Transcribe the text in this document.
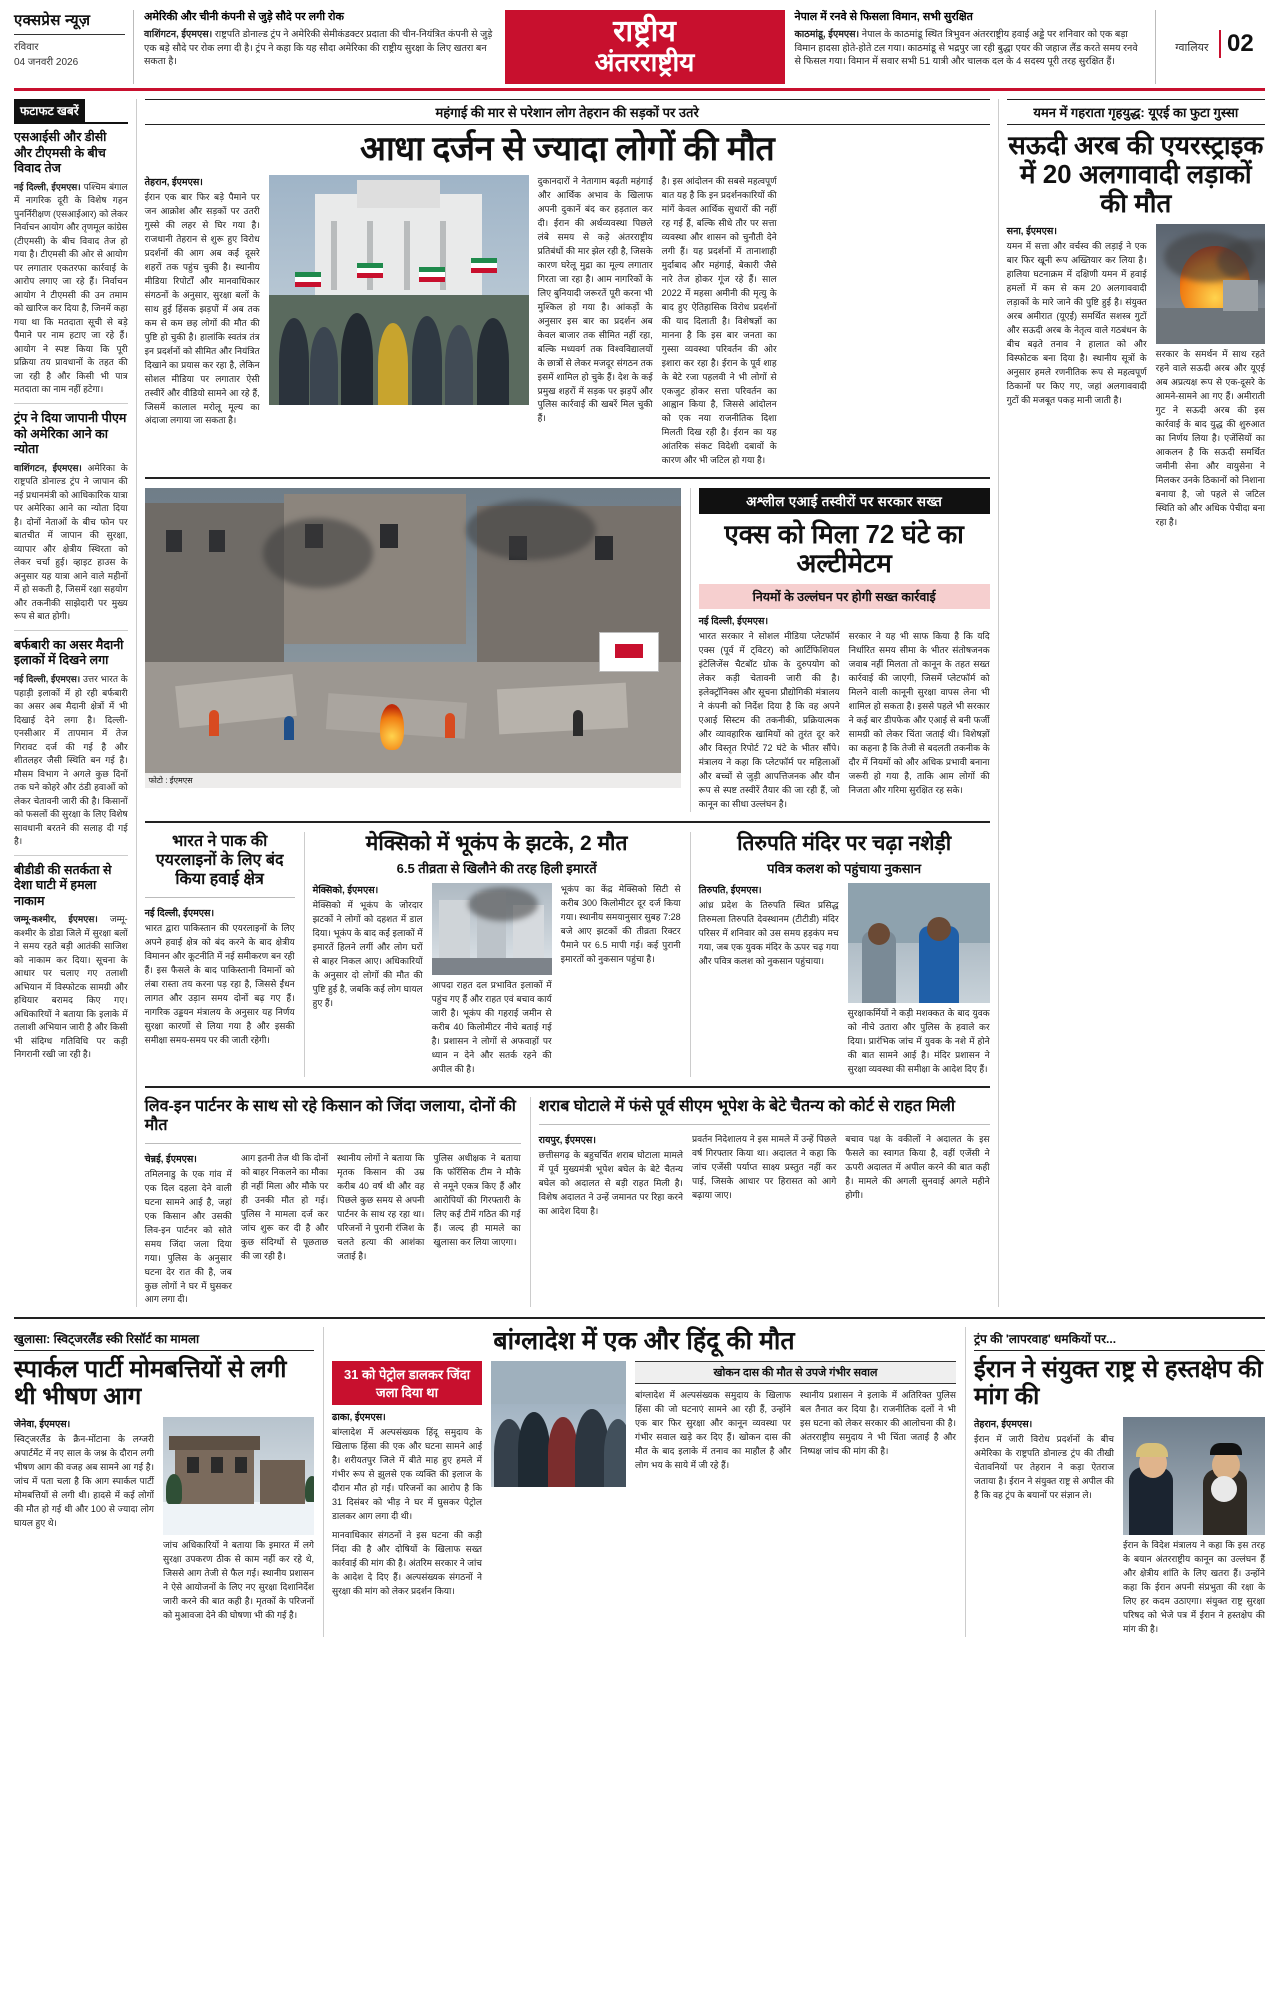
एक्सप्रेस न्यूज़
रविवार
04 जनवरी 2026
अमेरिकी और चीनी कंपनी से जुड़े सौदे पर लगी रोक
वाशिंगटन, ईएमएस। राष्ट्रपति डोनाल्ड ट्रंप ने अमेरिकी सेमीकंडक्टर प्रदाता की चीन-नियंत्रित कंपनी से जुड़े एक बड़े सौदे पर रोक लगा दी है। ट्रंप ने कहा कि यह सौदा अमेरिका की राष्ट्रीय सुरक्षा के लिए खतरा बन सकता है।
राष्ट्रीय
अंतरराष्ट्रीय
नेपाल में रनवे से फिसला विमान, सभी सुरक्षित
काठमांडू, ईएमएस। नेपाल के काठमांडू स्थित त्रिभुवन अंतरराष्ट्रीय हवाई अड्डे पर शनिवार को एक बड़ा विमान हादसा होते-होते टल गया। काठमांडू से भद्रपुर जा रही बुद्धा एयर की जहाज लैंड करते समय रनवे से फिसल गया। विमान में सवार सभी 51 यात्री और चालक दल के 4 सदस्य पूरी तरह सुरक्षित हैं।
ग्वालियर 02
फटाफट खबरें
एसआईसी और डीसी और टीएमसी के बीच विवाद तेज

नई दिल्ली, ईएमएस। पश्चिम बंगाल में नागरिक दूरी के विशेष गहन पुनर्निरीक्षण (एसआईआर) को लेकर निर्वाचन आयोग और तृणमूल कांग्रेस (टीएमसी) के बीच विवाद तेज हो गया है। टीएमसी की ओर से आयोग पर लगातार एकतरफा कार्रवाई के आरोप लगाए जा रहे हैं। निर्वाचन आयोग ने टीएमसी की उन तमाम को खारिज कर दिया है, जिनमें कहा गया था कि मतदाता सूची से बड़े पैमाने पर नाम हटाए जा रहे हैं। आयोग ने स्पष्ट किया कि पूरी प्रक्रिया तय प्रावधानों के तहत की जा रही है और किसी भी पात्र मतदाता का नाम नहीं हटेगा।

ट्रंप ने दिया जापानी पीएम को अमेरिका आने का न्योता

वाशिंगटन, ईएमएस। अमेरिका के राष्ट्रपति डोनाल्ड ट्रंप ने जापान की नई प्रधानमंत्री को आधिकारिक यात्रा पर अमेरिका आने का न्योता दिया है। दोनों नेताओं के बीच फोन पर बातचीत में जापान की सुरक्षा, व्यापार और क्षेत्रीय स्थिरता को लेकर चर्चा हुई। व्हाइट हाउस के अनुसार यह यात्रा आने वाले महीनों में हो सकती है, जिसमें रक्षा सहयोग और तकनीकी साझेदारी पर मुख्य रूप से बात होगी।

बर्फबारी का असर मैदानी इलाकों में दिखने लगा

नई दिल्ली, ईएमएस। उत्तर भारत के पहाड़ी इलाकों में हो रही बर्फबारी का असर अब मैदानी क्षेत्रों में भी दिखाई देने लगा है। दिल्ली-एनसीआर में तापमान में तेज गिरावट दर्ज की गई है और शीतलहर जैसी स्थिति बन गई है। मौसम विभाग ने अगले कुछ दिनों तक घने कोहरे और ठंडी हवाओं को लेकर चेतावनी जारी की है। किसानों को फसलों की सुरक्षा के लिए विशेष सावधानी बरतने की सलाह दी गई है।

बीडीडी की सतर्कता से देशा घाटी में हमला नाकाम

जम्मू-कश्मीर, ईएमएस। जम्मू-कश्मीर के डोडा जिले में सुरक्षा बलों ने समय रहते बड़ी आतंकी साजिश को नाकाम कर दिया। सूचना के आधार पर चलाए गए तलाशी अभियान में विस्फोटक सामग्री और हथियार बरामद किए गए। अधिकारियों ने बताया कि इलाके में तलाशी अभियान जारी है और किसी भी संदिग्ध गतिविधि पर कड़ी निगरानी रखी जा रही है।

महंगाई की मार से परेशान लोग तेहरान की सड़कों पर उतरे
आधा दर्जन से ज्यादा लोगों की मौत
तेहरान, ईएमएस।

ईरान एक बार फिर बड़े पैमाने पर जन आक्रोश और सड़कों पर उतरी गुस्से की लहर से घिर गया है। राजधानी तेहरान से शुरू हुए विरोध प्रदर्शनों की आग अब कई दूसरे शहरों तक पहुंच चुकी है। स्थानीय मीडिया रिपोर्टों और मानवाधिकार संगठनों के अनुसार, सुरक्षा बलों के साथ हुई हिंसक झड़पों में अब तक कम से कम छह लोगों की मौत की पुष्टि हो चुकी है। हालांकि स्वतंत्र तंत्र इन प्रदर्शनों को सीमित और नियंत्रित दिखाने का प्रयास कर रहा है, लेकिन सोशल मीडिया पर लगातार ऐसी तस्वीरें और वीडियो सामने आ रहे हैं, जिसमें कालाल मरोलू मूल्य का अंदाजा लगाया जा सकता है।

दुकानदारों ने नेतागाम बढ़ती महंगाई और आर्थिक अभाव के खिलाफ अपनी दुकानें बंद कर हड़ताल कर दी। ईरान की अर्थव्यवस्था पिछले लंबे समय से कड़े अंतरराष्ट्रीय प्रतिबंधों की मार झेल रही है, जिसके कारण घरेलू मुद्रा का मूल्य लगातार गिरता जा रहा है। आम नागरिकों के लिए बुनियादी जरूरतें पूरी करना भी मुश्किल हो गया है। आंकड़ों के अनुसार इस बार का प्रदर्शन अब केवल बाजार तक सीमित नहीं रहा, बल्कि मध्यवर्ग तक विश्वविद्यालयों के छात्रों से लेकर मजदूर संगठन तक इसमें शामिल हो चुके हैं। देश के कई प्रमुख शहरों में सड़क पर झड़पें और पुलिस कार्रवाई की खबरें मिल चुकी हैं।

है। इस आंदोलन की सबसे महत्वपूर्ण बात यह है कि इन प्रदर्शनकारियों की मांगें केवल आर्थिक सुधारों की नहीं रह गई हैं, बल्कि सीधे तौर पर सत्ता व्यवस्था और शासन को चुनौती देने लगी हैं। यह प्रदर्शनों में तानाशाही मुर्दाबाद और महंगाई, बेकारी जैसे नारे तेज होकर गूंज रहे हैं। साल 2022 में महसा अमीनी की मृत्यु के बाद हुए ऐतिहासिक विरोध प्रदर्शनों की याद दिलाती है। विशेषज्ञों का मानना है कि इस बार जनता का गुस्सा व्यवस्था परिवर्तन की ओर इशारा कर रहा है। ईरान के पूर्व शाह के बेटे रजा पहलवी ने भी लोगों से एकजुट होकर सत्ता परिवर्तन का आह्वान किया है, जिससे आंदोलन को एक नया राजनीतिक दिशा मिलती दिख रही है। ईरान का यह आंतरिक संकट विदेशी दबावों के कारण और भी जटिल हो गया है।

फोटो : ईएमएस
अश्लील एआई तस्वीरों पर सरकार सख्त
एक्स को मिला 72 घंटे का अल्टीमेटम
नियमों के उल्लंघन पर होगी सख्त कार्रवाई
नई दिल्ली, ईएमएस।

भारत सरकार ने सोशल मीडिया प्लेटफॉर्म एक्स (पूर्व में ट्विटर) को आर्टिफिशियल इंटेलिजेंस चैटबॉट ग्रोक के दुरुपयोग को लेकर कड़ी चेतावनी जारी की है। इलेक्ट्रॉनिक्स और सूचना प्रौद्योगिकी मंत्रालय ने कंपनी को निर्देश दिया है कि वह अपने एआई सिस्टम की तकनीकी, प्रक्रियात्मक और व्यावहारिक खामियों को तुरंत दूर करे और विस्तृत रिपोर्ट 72 घंटे के भीतर सौंपे। मंत्रालय ने कहा कि प्लेटफॉर्म पर महिलाओं और बच्चों से जुड़ी आपत्तिजनक और यौन रूप से स्पष्ट तस्वीरें तैयार की जा रही हैं, जो कानून का सीधा उल्लंघन है।

सरकार ने यह भी साफ किया है कि यदि निर्धारित समय सीमा के भीतर संतोषजनक जवाब नहीं मिलता तो कानून के तहत सख्त कार्रवाई की जाएगी, जिसमें प्लेटफॉर्म को मिलने वाली कानूनी सुरक्षा वापस लेना भी शामिल हो सकता है। इससे पहले भी सरकार ने कई बार डीपफेक और एआई से बनी फर्जी सामग्री को लेकर चिंता जताई थी। विशेषज्ञों का कहना है कि तेजी से बदलती तकनीक के दौर में नियमों को और अधिक प्रभावी बनाना जरूरी हो गया है, ताकि आम लोगों की निजता और गरिमा सुरक्षित रह सके।

भारत ने पाक की एयरलाइनों के लिए बंद किया हवाई क्षेत्र
नई दिल्ली, ईएमएस।

भारत द्वारा पाकिस्तान की एयरलाइनों के लिए अपने हवाई क्षेत्र को बंद करने के बाद क्षेत्रीय विमानन और कूटनीति में नई समीकरण बन रही हैं। इस फैसले के बाद पाकिस्तानी विमानों को लंबा रास्ता तय करना पड़ रहा है, जिससे ईंधन लागत और उड़ान समय दोनों बढ़ गए हैं। नागरिक उड्डयन मंत्रालय के अनुसार यह निर्णय सुरक्षा कारणों से लिया गया है और इसकी समीक्षा समय-समय पर की जाती रहेगी।

मेक्सिको में भूकंप के झटके, 2 मौत
6.5 तीव्रता से खिलौने की तरह हिली इमारतें
मेक्सिको, ईएमएस।

मेक्सिको में भूकंप के जोरदार झटकों ने लोगों को दहशत में डाल दिया। भूकंप के बाद कई इलाकों में इमारतें हिलने लगीं और लोग घरों से बाहर निकल आए। अधिकारियों के अनुसार दो लोगों की मौत की पुष्टि हुई है, जबकि कई लोग घायल हुए हैं।

आपदा राहत दल प्रभावित इलाकों में पहुंच गए हैं और राहत एवं बचाव कार्य जारी है। भूकंप की गहराई जमीन से करीब 40 किलोमीटर नीचे बताई गई है। प्रशासन ने लोगों से अफवाहों पर ध्यान न देने और सतर्क रहने की अपील की है।

भूकंप का केंद्र मेक्सिको सिटी से करीब 300 किलोमीटर दूर दर्ज किया गया। स्थानीय समयानुसार सुबह 7:28 बजे आए झटकों की तीव्रता रिक्टर पैमाने पर 6.5 मापी गई। कई पुरानी इमारतों को नुकसान पहुंचा है।

तिरुपति मंदिर पर चढ़ा नशेड़ी
पवित्र कलश को पहुंचाया नुकसान
तिरुपति, ईएमएस।

आंध्र प्रदेश के तिरुपति स्थित प्रसिद्ध तिरुमला तिरुपति देवस्थानम (टीटीडी) मंदिर परिसर में शनिवार को उस समय हड़कंप मच गया, जब एक युवक मंदिर के ऊपर चढ़ गया और पवित्र कलश को नुकसान पहुंचाया।

सुरक्षाकर्मियों ने कड़ी मशक्कत के बाद युवक को नीचे उतारा और पुलिस के हवाले कर दिया। प्रारंभिक जांच में युवक के नशे में होने की बात सामने आई है। मंदिर प्रशासन ने सुरक्षा व्यवस्था की समीक्षा के आदेश दिए हैं।

लिव-इन पार्टनर के साथ सो रहे किसान को जिंदा जलाया, दोनों की मौत
चेन्नई, ईएमएस।

तमिलनाडु के एक गांव में एक दिल दहला देने वाली घटना सामने आई है, जहां एक किसान और उसकी लिव-इन पार्टनर को सोते समय जिंदा जला दिया गया। पुलिस के अनुसार घटना देर रात की है, जब कुछ लोगों ने घर में घुसकर आग लगा दी।

आग इतनी तेज थी कि दोनों को बाहर निकलने का मौका ही नहीं मिला और मौके पर ही उनकी मौत हो गई। पुलिस ने मामला दर्ज कर जांच शुरू कर दी है और कुछ संदिग्धों से पूछताछ की जा रही है।

स्थानीय लोगों ने बताया कि मृतक किसान की उम्र करीब 40 वर्ष थी और वह पिछले कुछ समय से अपनी पार्टनर के साथ रह रहा था। परिजनों ने पुरानी रंजिश के चलते हत्या की आशंका जताई है।

पुलिस अधीक्षक ने बताया कि फॉरेंसिक टीम ने मौके से नमूने एकत्र किए हैं और आरोपियों की गिरफ्तारी के लिए कई टीमें गठित की गई हैं। जल्द ही मामले का खुलासा कर लिया जाएगा।

शराब घोटाले में फंसे पूर्व सीएम भूपेश के बेटे चैतन्य को कोर्ट से राहत मिली
रायपुर, ईएमएस।

छत्तीसगढ़ के बहुचर्चित शराब घोटाला मामले में पूर्व मुख्यमंत्री भूपेश बघेल के बेटे चैतन्य बघेल को अदालत से बड़ी राहत मिली है। विशेष अदालत ने उन्हें जमानत पर रिहा करने का आदेश दिया है।

प्रवर्तन निदेशालय ने इस मामले में उन्हें पिछले वर्ष गिरफ्तार किया था। अदालत ने कहा कि जांच एजेंसी पर्याप्त साक्ष्य प्रस्तुत नहीं कर पाई, जिसके आधार पर हिरासत को आगे बढ़ाया जाए।

बचाव पक्ष के वकीलों ने अदालत के इस फैसले का स्वागत किया है, वहीं एजेंसी ने ऊपरी अदालत में अपील करने की बात कही है। मामले की अगली सुनवाई अगले महीने होगी।

यमन में गहराता गृहयुद्ध: यूएई का फुटा गुस्सा
सऊदी अरब की एयरस्ट्राइक में 20 अलगावादी लड़ाकों की मौत
सना, ईएमएस।

यमन में सत्ता और वर्चस्व की लड़ाई ने एक बार फिर खूनी रूप अख्तियार कर लिया है। हालिया घटनाक्रम में दक्षिणी यमन में हवाई हमलों में कम से कम 20 अलगाववादी लड़ाकों के मारे जाने की पुष्टि हुई है। संयुक्त अरब अमीरात (यूएई) समर्थित सशस्त्र गुटों और सऊदी अरब के नेतृत्व वाले गठबंधन के बीच बढ़ते तनाव ने हालात को और विस्फोटक बना दिया है। स्थानीय सूत्रों के अनुसार हमले रणनीतिक रूप से महत्वपूर्ण ठिकानों पर किए गए, जहां अलगाववादी गुटों की मजबूत पकड़ मानी जाती है।

सरकार के समर्थन में साथ रहते रहने वाले सऊदी अरब और यूएई अब अप्रत्यक्ष रूप से एक-दूसरे के आमने-सामने आ गए हैं। अमीराती गुट ने सऊदी अरब की इस कार्रवाई के बाद युद्ध की शुरुआत का निर्णय लिया है। एजेंसियों का आकलन है कि सऊदी समर्थित जमीनी सेना और वायुसेना ने मिलकर उनके ठिकानों को निशाना बनाया है, जो पहले से जटिल स्थिति को और अधिक पेचीदा बना रहा है।

खुलासा: स्विट्जरलैंड स्की रिसॉर्ट का मामला
स्पार्कल पार्टी मोमबत्तियों से लगी थी भीषण आग
जेनेवा, ईएमएस।

स्विट्जरलैंड के क्रैन-मोंटाना के लग्जरी अपार्टमेंट में नए साल के जश्न के दौरान लगी भीषण आग की वजह अब सामने आ गई है। जांच में पता चला है कि आग स्पार्कल पार्टी मोमबत्तियों से लगी थी। हादसे में कई लोगों की मौत हो गई थी और 100 से ज्यादा लोग घायल हुए थे।

जांच अधिकारियों ने बताया कि इमारत में लगे सुरक्षा उपकरण ठीक से काम नहीं कर रहे थे, जिससे आग तेजी से फैल गई। स्थानीय प्रशासन ने ऐसे आयोजनों के लिए नए सुरक्षा दिशानिर्देश जारी करने की बात कही है। मृतकों के परिजनों को मुआवजा देने की घोषणा भी की गई है।

बांग्लादेश में एक और हिंदू की मौत
31 को पेट्रोल डालकर जिंदा जला दिया था
ढाका, ईएमएस।

बांग्लादेश में अल्पसंख्यक हिंदू समुदाय के खिलाफ हिंसा की एक और घटना सामने आई है। शरीयतपुर जिले में बीते माह हुए हमले में गंभीर रूप से झुलसे एक व्यक्ति की इलाज के दौरान मौत हो गई। परिजनों का आरोप है कि 31 दिसंबर को भीड़ ने घर में घुसकर पेट्रोल डालकर आग लगा दी थी।

मानवाधिकार संगठनों ने इस घटना की कड़ी निंदा की है और दोषियों के खिलाफ सख्त कार्रवाई की मांग की है। अंतरिम सरकार ने जांच के आदेश दे दिए हैं। अल्पसंख्यक संगठनों ने सुरक्षा की मांग को लेकर प्रदर्शन किया।

खोकन दास की मौत से उपजे गंभीर सवाल

बांग्लादेश में अल्पसंख्यक समुदाय के खिलाफ हिंसा की जो घटनाएं सामने आ रही हैं, उन्होंने एक बार फिर सुरक्षा और कानून व्यवस्था पर गंभीर सवाल खड़े कर दिए हैं। खोकन दास की मौत के बाद इलाके में तनाव का माहौल है और लोग भय के साये में जी रहे हैं।

स्थानीय प्रशासन ने इलाके में अतिरिक्त पुलिस बल तैनात कर दिया है। राजनीतिक दलों ने भी इस घटना को लेकर सरकार की आलोचना की है। अंतरराष्ट्रीय समुदाय ने भी चिंता जताई है और निष्पक्ष जांच की मांग की है।

ट्रंप की 'लापरवाह' धमकियों पर...
ईरान ने संयुक्त राष्ट्र से हस्तक्षेप की मांग की
तेहरान, ईएमएस।

ईरान में जारी विरोध प्रदर्शनों के बीच अमेरिका के राष्ट्रपति डोनाल्ड ट्रंप की तीखी चेतावनियों पर तेहरान ने कड़ा ऐतराज जताया है। ईरान ने संयुक्त राष्ट्र से अपील की है कि वह ट्रंप के बयानों पर संज्ञान ले।

ईरान के विदेश मंत्रालय ने कहा कि इस तरह के बयान अंतरराष्ट्रीय कानून का उल्लंघन हैं और क्षेत्रीय शांति के लिए खतरा हैं। उन्होंने कहा कि ईरान अपनी संप्रभुता की रक्षा के लिए हर कदम उठाएगा। संयुक्त राष्ट्र सुरक्षा परिषद को भेजे पत्र में ईरान ने हस्तक्षेप की मांग की है।
